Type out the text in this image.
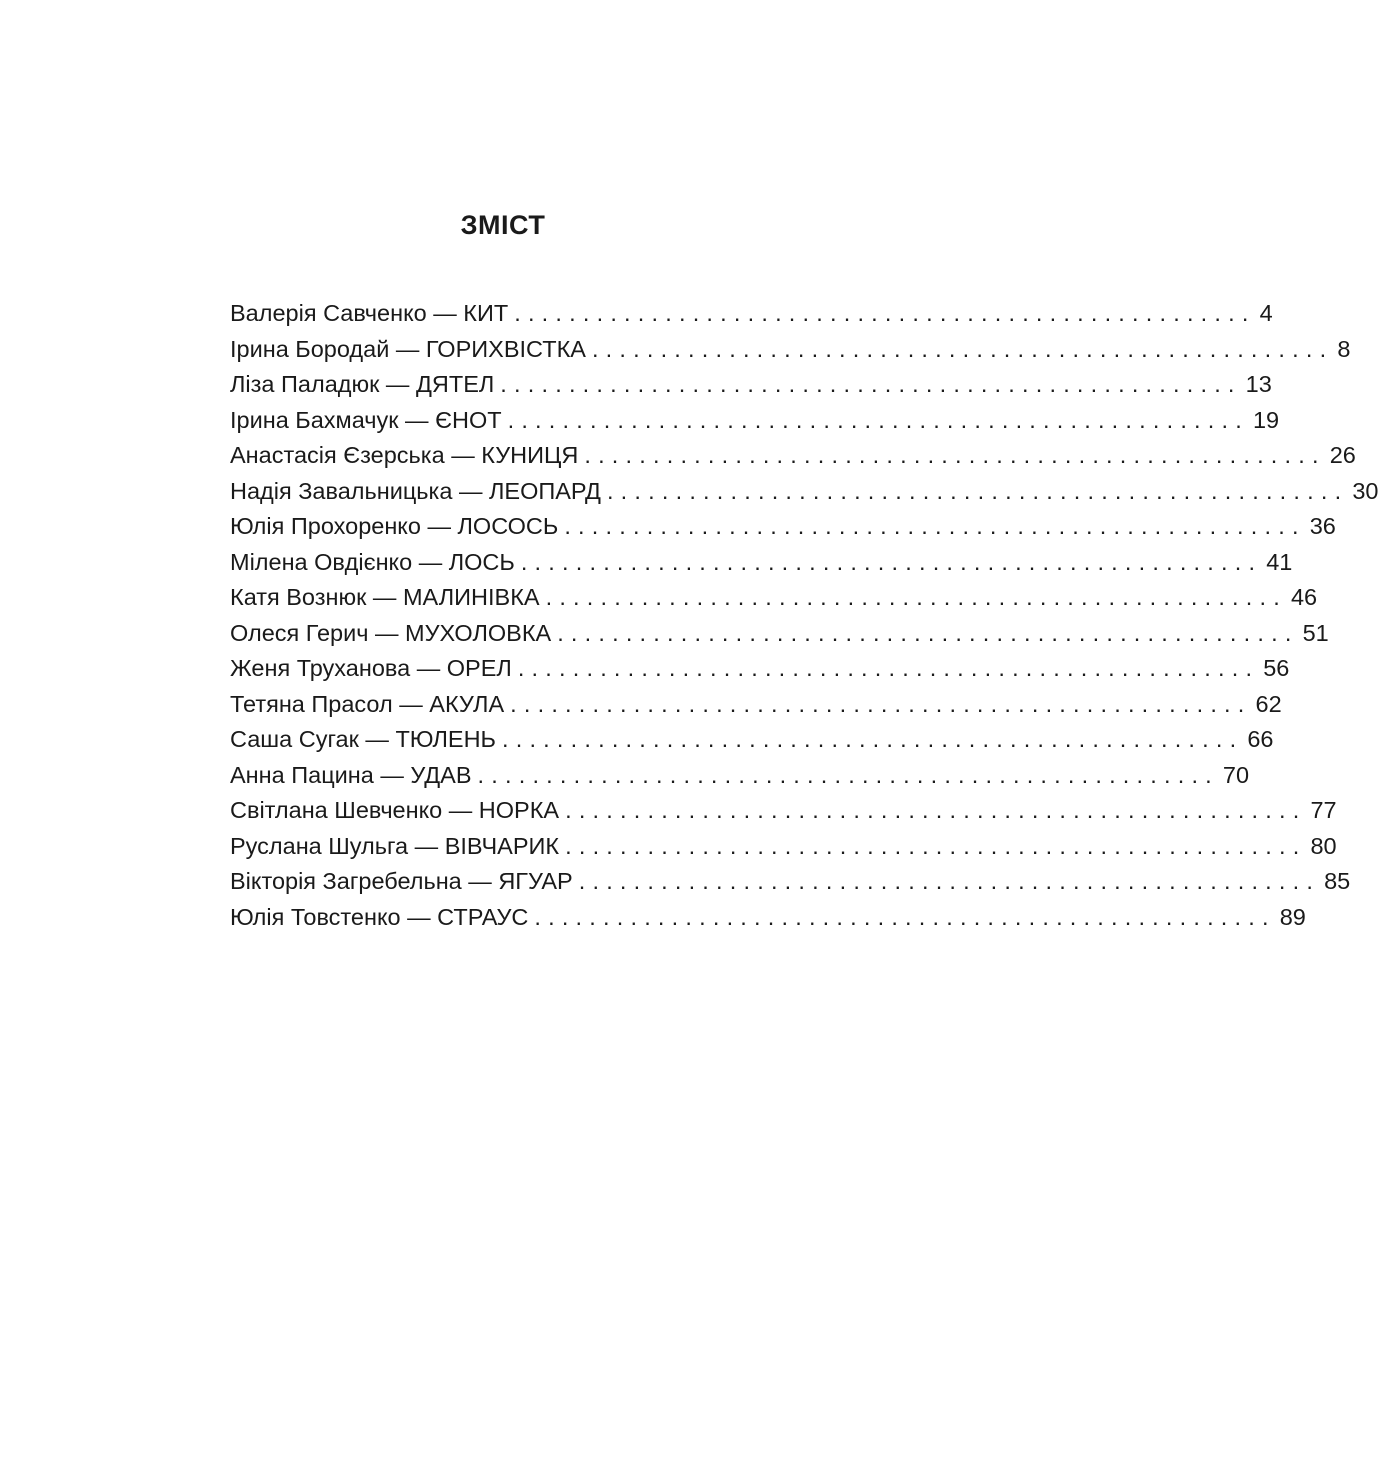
ЗМІСТ
Валерія Савченко — КИТ ...................................................... 4
Ірина Бородай — ГОРИХВІСТКА ...................................................... 8
Ліза Паладюк — ДЯТЕЛ ...................................................... 13
Ірина Бахмачук — ЄНОТ ...................................................... 19
Анастасія Єзерська — КУНИЦЯ ...................................................... 26
Надія Завальницька — ЛЕОПАРД ...................................................... 30
Юлія Прохоренко — ЛОСОСЬ ...................................................... 36
Мілена Овдієнко — ЛОСЬ ...................................................... 41
Катя Вознюк — МАЛИНІВКА ...................................................... 46
Олеся Герич — МУХОЛОВКА ...................................................... 51
Женя Труханова — ОРЕЛ ...................................................... 56
Тетяна Прасол — АКУЛА ...................................................... 62
Саша Сугак — ТЮЛЕНЬ ...................................................... 66
Анна Пацина — УДАВ ...................................................... 70
Світлана Шевченко — НОРКА ...................................................... 77
Руслана Шульга — ВІВЧАРИК ...................................................... 80
Вікторія Загребельна — ЯГУАР ...................................................... 85
Юлія Товстенко — СТРАУС ...................................................... 89
